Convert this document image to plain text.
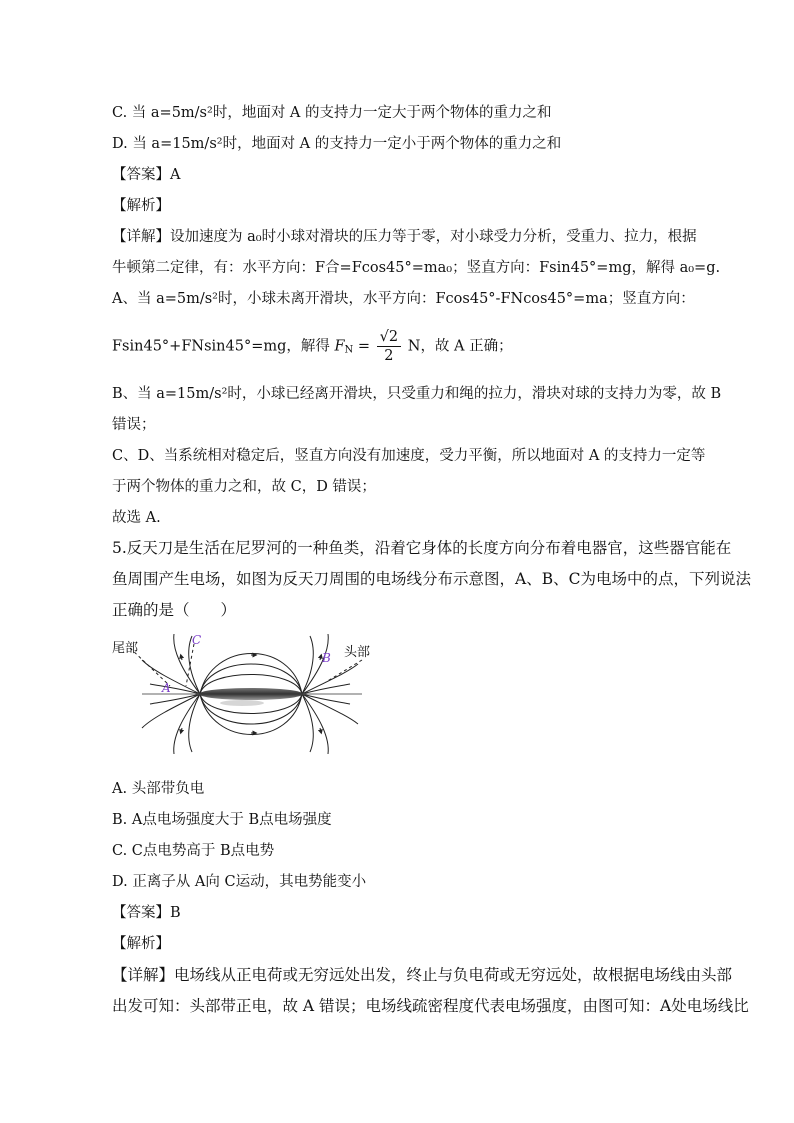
C. 当 a=5m/s²时，地面对 A 的支持力一定大于两个物体的重力之和
D. 当 a=15m/s²时，地面对 A 的支持力一定小于两个物体的重力之和
【答案】A
【解析】
【详解】设加速度为 a₀时小球对滑块的压力等于零，对小球受力分析，受重力、拉力，根据
牛顿第二定律，有：水平方向：F合=Fcos45°=ma₀；竖直方向：Fsin45°=mg，解得 a₀=g.
A、当 a=5m/s²时，小球未离开滑块，水平方向：Fcos45°-FNcos45°=ma；竖直方向：
Fsin45°+FNsin45°=mg，解得 $F_N = \frac{√2}{2}$ N，故 A 正确；
B、当 a=15m/s²时，小球已经离开滑块，只受重力和绳的拉力，滑块对球的支持力为零，故 B
错误；
C、D、当系统相对稳定后，竖直方向没有加速度，受力平衡，所以地面对 A 的支持力一定等
于两个物体的重力之和，故 C，D 错误；
故选 A.
5.反天刀是生活在尼罗河的一种鱼类，沿着它身体的长度方向分布着电器官，这些器官能在
鱼周围产生电场，如图为反天刀周围的电场线分布示意图，A、B、C为电场中的点，下列说法
正确的是（　　）
尾部	头部
A
B
C
A. 头部带负电
B. A点电场强度大于 B点电场强度
C. C点电势高于 B点电势
D. 正离子从 A向 C运动，其电势能变小
【答案】B
【解析】
【详解】电场线从正电荷或无穷远处出发，终止与负电荷或无穷远处，故根据电场线由头部
出发可知：头部带正电，故 A 错误；电场线疏密程度代表电场强度，由图可知：A处电场线比
